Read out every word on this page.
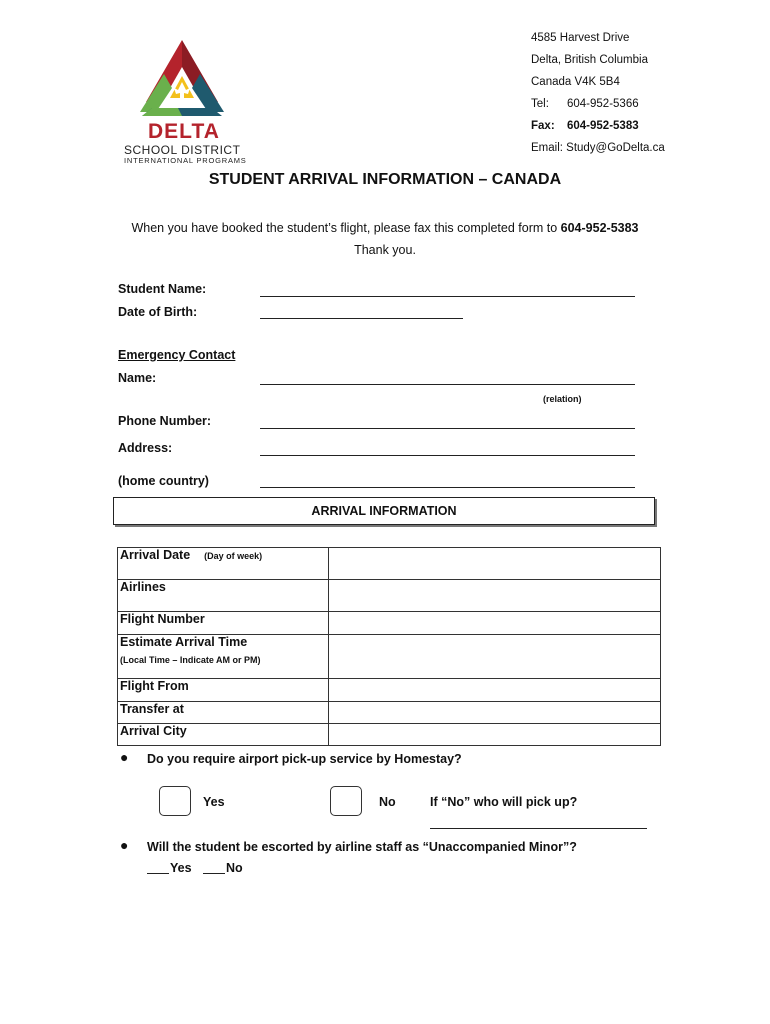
DELTA
SCHOOL DISTRICT
INTERNATIONAL PROGRAMS
4585 Harvest Drive
Delta, British Columbia
Canada V4K 5B4
Tel: 604-952-5366
Fax: 604-952-5383
Email: Study@GoDelta.ca
STUDENT ARRIVAL INFORMATION – CANADA
When you have booked the student’s flight, please fax this completed form to 604-952-5383
Thank you.
Student Name:
Date of Birth:
Emergency Contact
Name:
(relation)
Phone Number:
Address:
(home country)
ARRIVAL INFORMATION
Arrival Date (Day of week)	
Airlines	
Flight Number	

Estimate Arrival Time
(Local Time – Indicate AM or PM)	

Flight From	
Transfer at	
Arrival City	
● Do you require airport pick-up service by Homestay?
Yes	No	If “No” who will pick up?
● Will the student be escorted by airline staff as “Unaccompanied Minor”?
Yes	No
